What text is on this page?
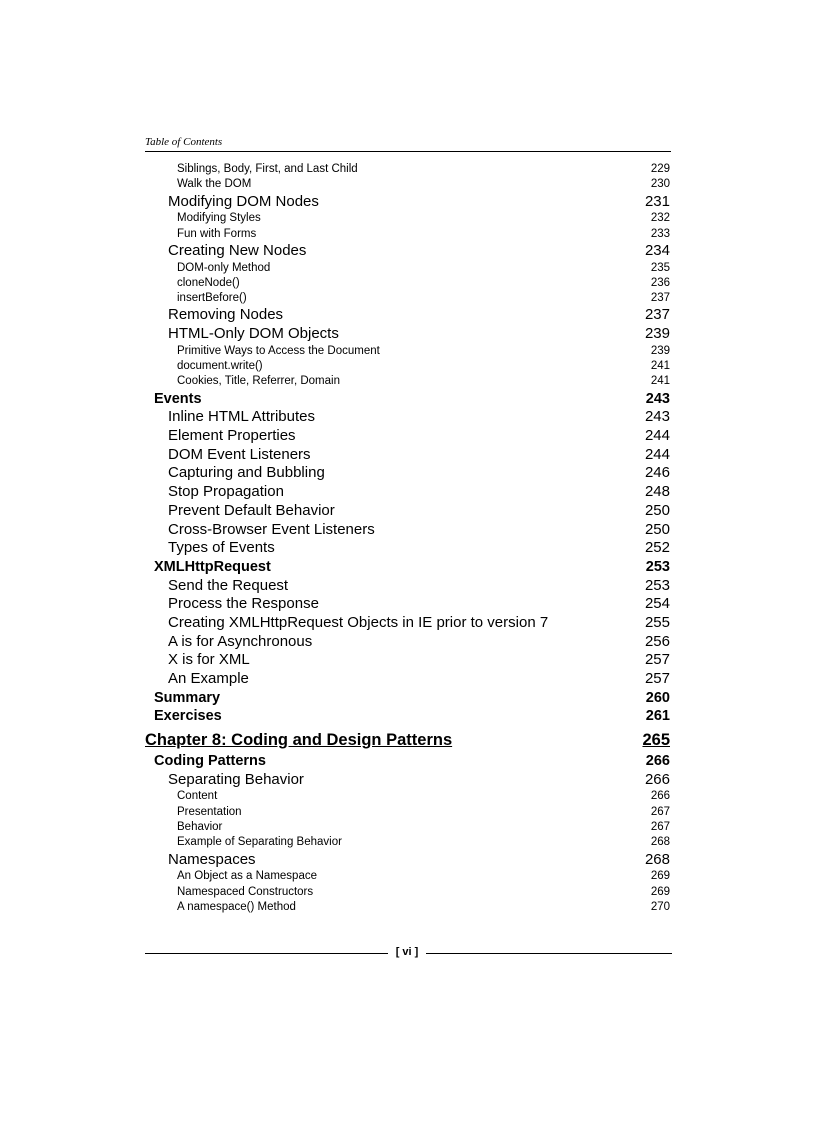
Table of Contents
Siblings, Body, First, and Last Child	229
Walk the DOM	230
Modifying DOM Nodes	231
Modifying Styles	232
Fun with Forms	233
Creating New Nodes	234
DOM-only Method	235
cloneNode()	236
insertBefore()	237
Removing Nodes	237
HTML-Only DOM Objects	239
Primitive Ways to Access the Document	239
document.write()	241
Cookies, Title, Referrer, Domain	241
Events	243
Inline HTML Attributes	243
Element Properties	244
DOM Event Listeners	244
Capturing and Bubbling	246
Stop Propagation	248
Prevent Default Behavior	250
Cross-Browser Event Listeners	250
Types of Events	252
XMLHttpRequest	253
Send the Request	253
Process the Response	254
Creating XMLHttpRequest Objects in IE prior to version 7	255
A is for Asynchronous	256
X is for XML	257
An Example	257
Summary	260
Exercises	261
Chapter 8: Coding and Design Patterns	265
Coding Patterns	266
Separating Behavior	266
Content	266
Presentation	267
Behavior	267
Example of Separating Behavior	268
Namespaces	268
An Object as a Namespace	269
Namespaced Constructors	269
A namespace() Method	270
[ vi ]
